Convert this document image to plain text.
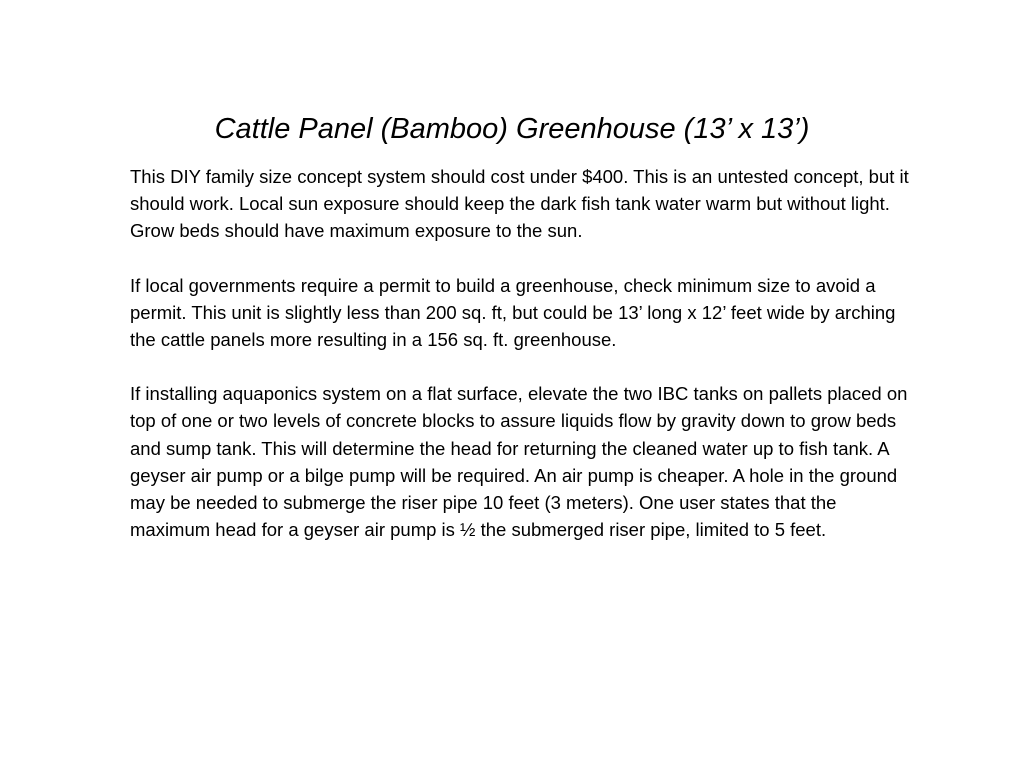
Cattle Panel (Bamboo) Greenhouse (13’ x 13’)

This DIY family size concept system should cost under $400. This is an untested concept, but it should work. Local sun exposure should keep the dark fish tank water warm but without light. Grow beds should have maximum exposure to the sun.

If local governments require a permit to build a greenhouse, check minimum size to avoid a permit. This unit is slightly less than 200 sq. ft, but could be 13’ long x 12’ feet wide by arching the cattle panels more resulting in a 156 sq. ft. greenhouse.

If installing aquaponics system on a flat surface, elevate the two IBC tanks on pallets placed on top of one or two levels of concrete blocks to assure liquids flow by gravity down to grow beds and sump tank. This will determine the head for returning the cleaned water up to fish tank. A geyser air pump or a bilge pump will be required. An air pump is cheaper. A hole in the ground may be needed to submerge the riser pipe 10 feet (3 meters). One user states that the maximum head for a geyser air pump is ½ the submerged riser pipe, limited to 5 feet.
